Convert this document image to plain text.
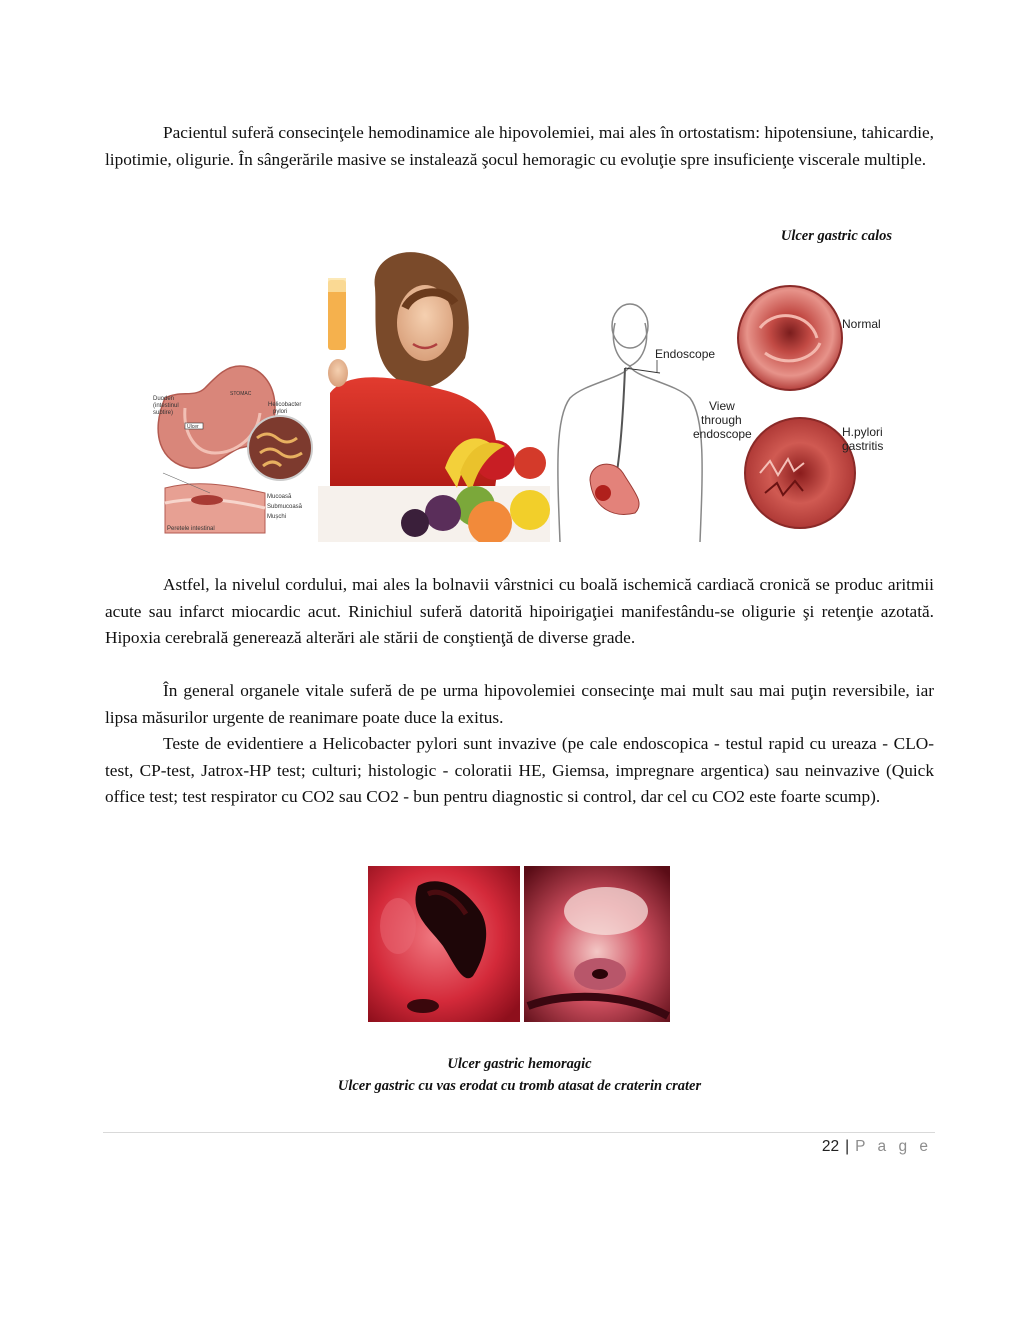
Pacientul suferă consecinţele hemodinamice ale hipovolemiei, mai ales în ortostatism: hipotensiune, tahicardie, lipotimie, oligurie. În sângerările masive se instalează şocul hemoragic cu evoluţie spre insuficienţe viscerale multiple.

Ulcer gastric calos
Duoden
(intestinul
subtire)
STOMAC
Ulcer
Helicobacter
pylori
Mucoasă
Submucoasă
Mușchi
Peretele intestinal
Endoscope
View
through
endoscope
Normal
H.pylori
gastritis

Astfel, la nivelul cordului, mai ales la bolnavii vârstnici cu boală ischemică cardiacă cronică se produc aritmii acute sau infarct miocardic acut. Rinichiul suferă datorită hipoirigaţiei manifestându-se oligurie şi retenţie azotată. Hipoxia cerebrală generează alterări ale stării de conştienţă de diverse grade.

În general organele vitale suferă de pe urma hipovolemiei consecinţe mai mult sau mai puţin reversibile, iar lipsa măsurilor urgente de reanimare poate duce la exitus.

Teste de evidentiere a Helicobacter pylori sunt invazive (pe cale endoscopica - testul rapid cu ureaza - CLO-test, CP-test, Jatrox-HP test; culturi; histologic - coloratii HE, Giemsa, impregnare argentica) sau neinvazive (Quick office test; test respirator cu CO2 sau CO2 - bun pentru diagnostic si control, dar cel cu CO2 este foarte scump).

Ulcer gastric hemoragic
Ulcer gastric cu vas erodat cu tromb atasat de craterin crater
22 | P a g e
